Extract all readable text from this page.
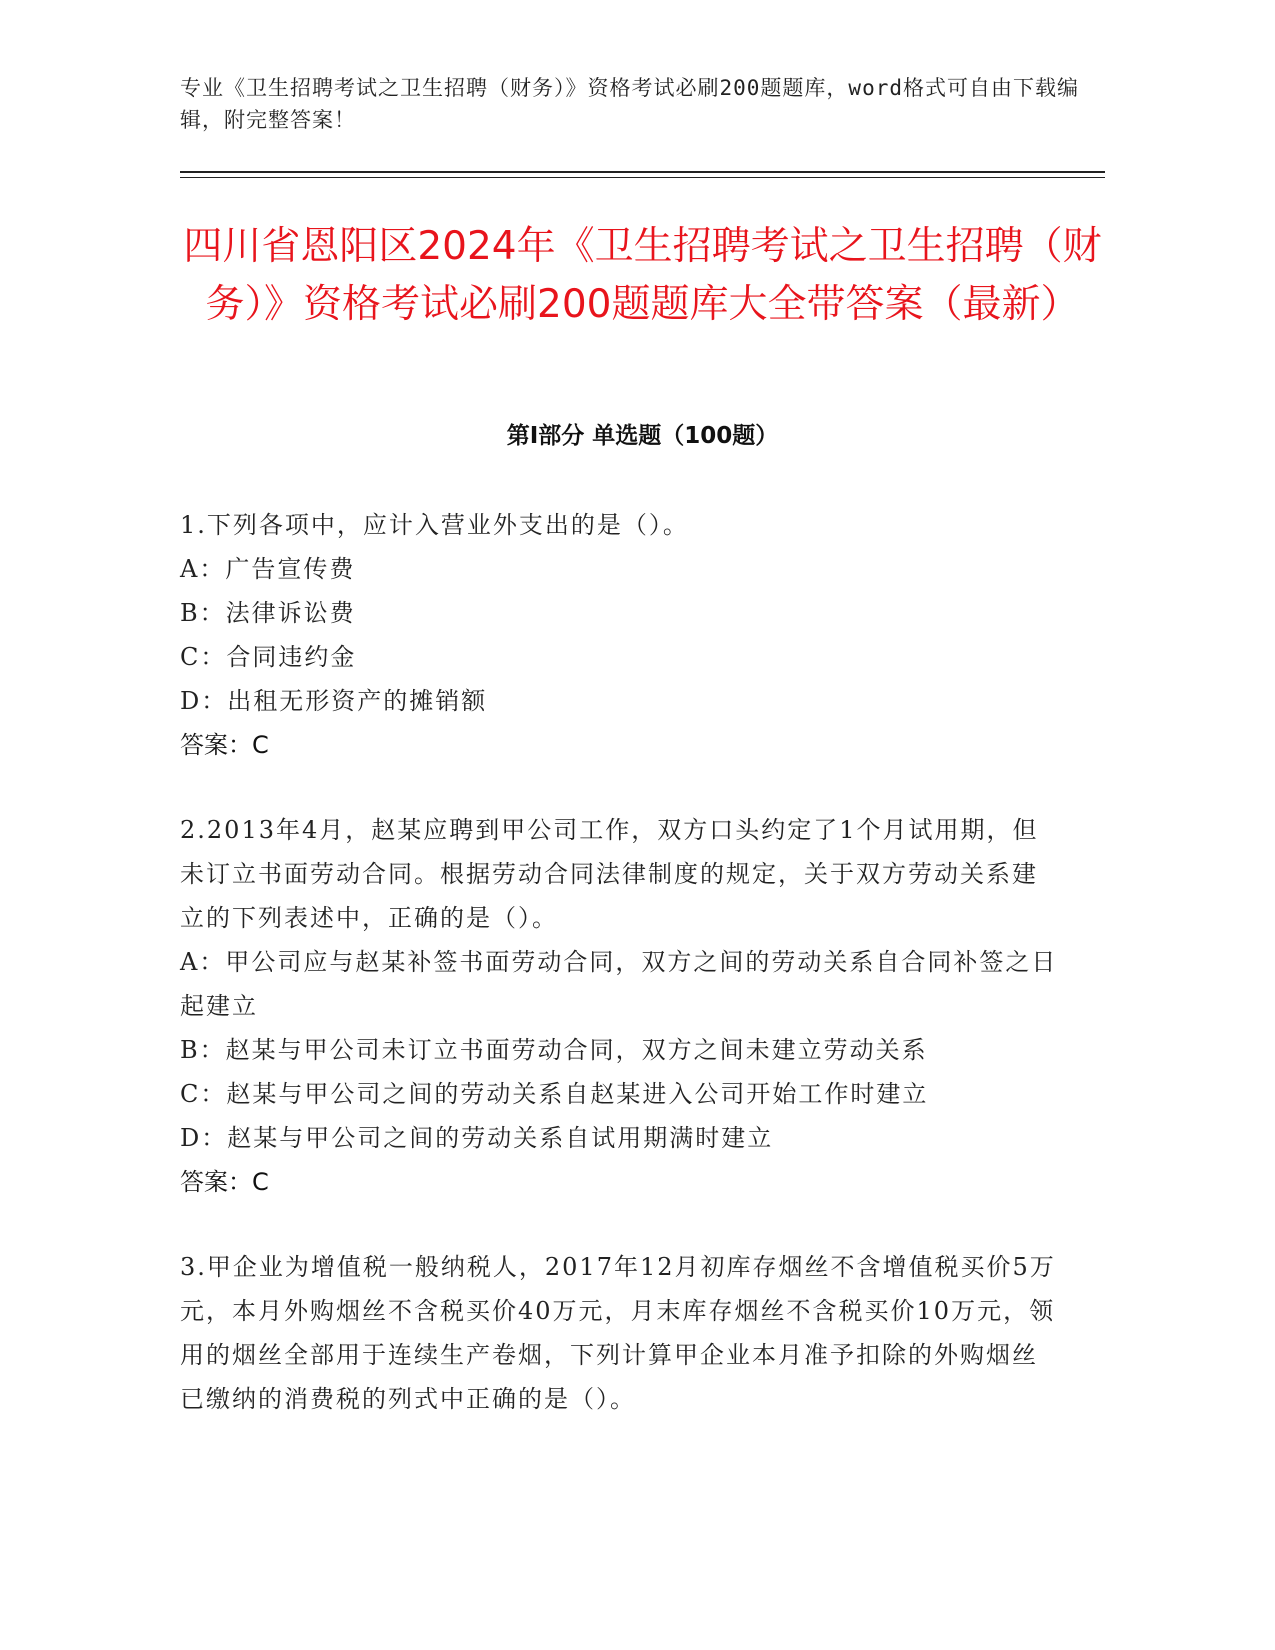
专业《卫生招聘考试之卫生招聘（财务）》资格考试必刷200题题库，word格式可自由下载编辑，附完整答案！
四川省恩阳区2024年《卫生招聘考试之卫生招聘（财务）》资格考试必刷200题题库大全带答案（最新）
第Ⅰ部分 单选题（100题）

1.下列各项中，应计入营业外支出的是（）。

A：广告宣传费

B：法律诉讼费

C：合同违约金

D：出租无形资产的摊销额

答案：C

2.2013年4月，赵某应聘到甲公司工作，双方口头约定了1个月试用期，但未订立书面劳动合同。根据劳动合同法律制度的规定，关于双方劳动关系建立的下列表述中，正确的是（）。

A：甲公司应与赵某补签书面劳动合同，双方之间的劳动关系自合同补签之日起建立

B：赵某与甲公司未订立书面劳动合同，双方之间未建立劳动关系

C：赵某与甲公司之间的劳动关系自赵某进入公司开始工作时建立

D：赵某与甲公司之间的劳动关系自试用期满时建立

答案：C

3.甲企业为增值税一般纳税人，2017年12月初库存烟丝不含增值税买价5万元，本月外购烟丝不含税买价40万元，月末库存烟丝不含税买价10万元，领用的烟丝全部用于连续生产卷烟，下列计算甲企业本月准予扣除的外购烟丝已缴纳的消费税的列式中正确的是（）。
